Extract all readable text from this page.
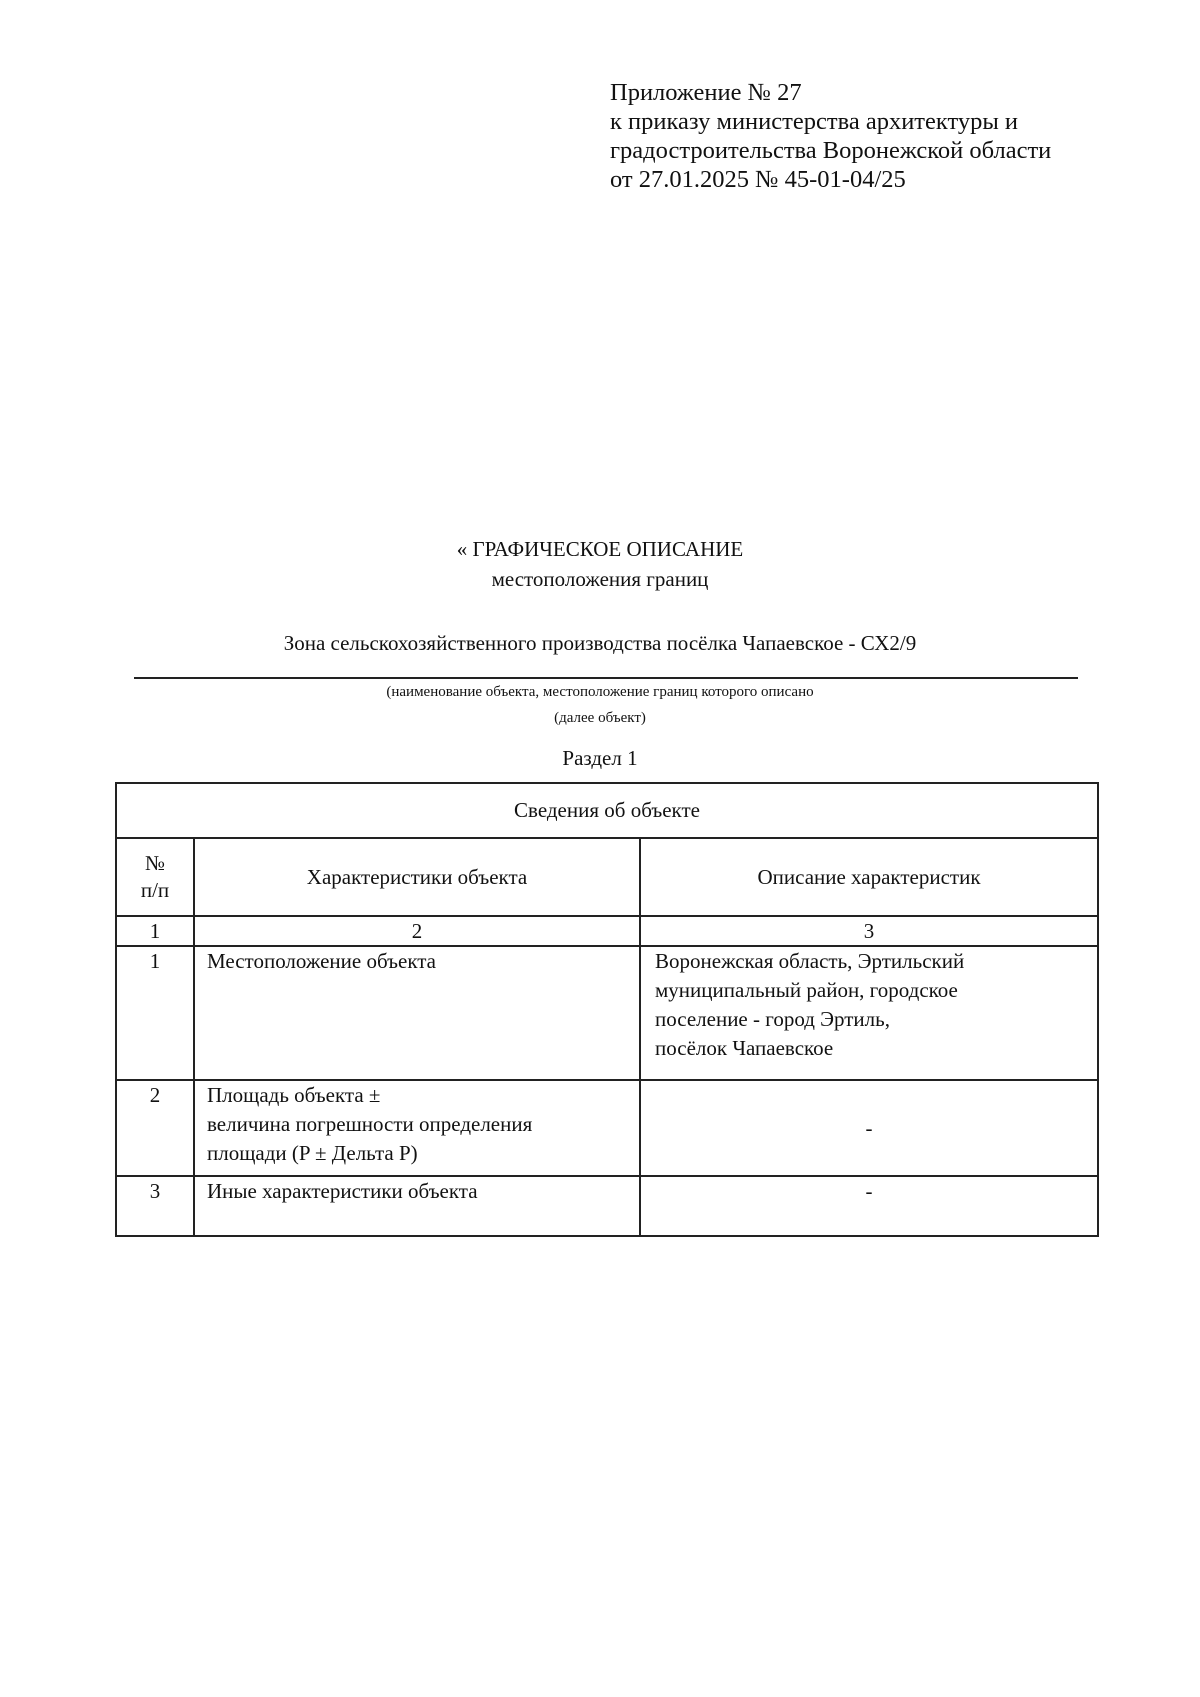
Приложение № 27
к приказу министерства архитектуры и
градостроительства Воронежской области
от 27.01.2025 № 45-01-04/25
« ГРАФИЧЕСКОЕ ОПИСАНИЕ
местоположения границ
Зона сельскохозяйственного производства посёлка Чапаевское - СХ2/9
(наименование объекта, местоположение границ которого описано
(далее объект)
Раздел 1
Сведения об объекте		

№
п/п	Характеристики объекта	Описание характеристик
1	2	3
1	Местоположение объекта	Воронежская область, Эртильский
муниципальный район, городское
поселение - город Эртиль,
посёлок Чапаевское

2	Площадь объекта ±
величина погрешности определения
площади (P ± Дельта P)	-
3	Иные характеристики объекта	-
